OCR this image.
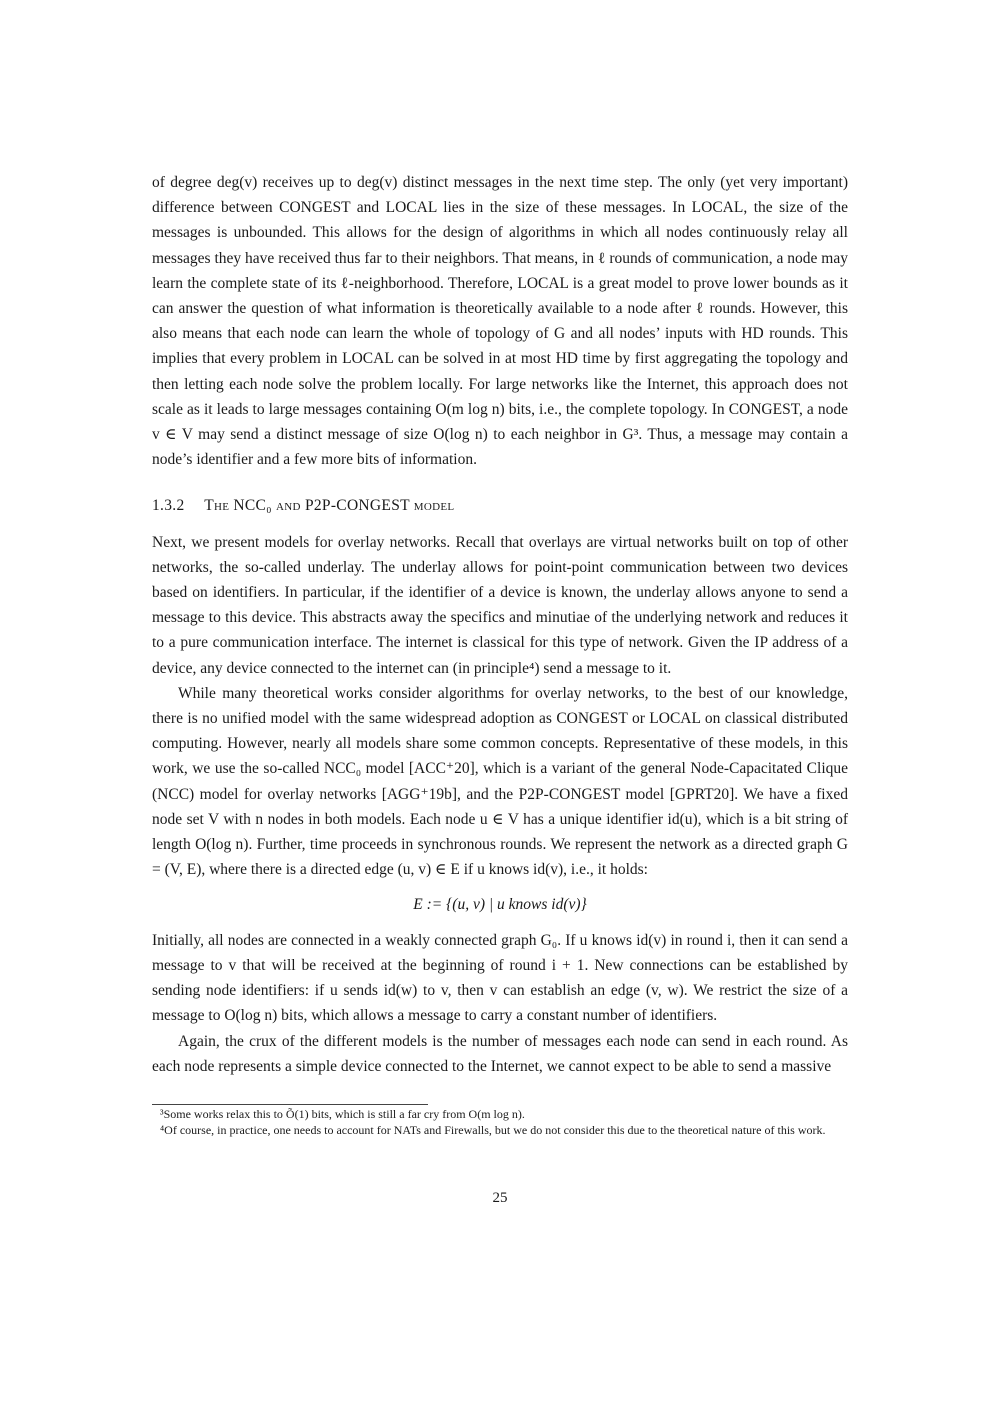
of degree deg(v) receives up to deg(v) distinct messages in the next time step. The only (yet very important) difference between CONGEST and LOCAL lies in the size of these messages. In LOCAL, the size of the messages is unbounded. This allows for the design of algorithms in which all nodes continuously relay all messages they have received thus far to their neighbors. That means, in ℓ rounds of communication, a node may learn the complete state of its ℓ-neighborhood. Therefore, LOCAL is a great model to prove lower bounds as it can answer the question of what information is theoretically available to a node after ℓ rounds. However, this also means that each node can learn the whole of topology of G and all nodes’ inputs with HD rounds. This implies that every problem in LOCAL can be solved in at most HD time by first aggregating the topology and then letting each node solve the problem locally. For large networks like the Internet, this approach does not scale as it leads to large messages containing O(m log n) bits, i.e., the complete topology. In CONGEST, a node v ∈ V may send a distinct message of size O(log n) to each neighbor in G³. Thus, a message may contain a node’s identifier and a few more bits of information.

1.3.2 The NCC₀ and P2P-CONGEST model

Next, we present models for overlay networks. Recall that overlays are virtual networks built on top of other networks, the so-called underlay. The underlay allows for point-point communication between two devices based on identifiers. In particular, if the identifier of a device is known, the underlay allows anyone to send a message to this device. This abstracts away the specifics and minutiae of the underlying network and reduces it to a pure communication interface. The internet is classical for this type of network. Given the IP address of a device, any device connected to the internet can (in principle⁴) send a message to it.

While many theoretical works consider algorithms for overlay networks, to the best of our knowledge, there is no unified model with the same widespread adoption as CONGEST or LOCAL on classical distributed computing. However, nearly all models share some common concepts. Representative of these models, in this work, we use the so-called NCC₀ model [ACC⁺20], which is a variant of the general Node-Capacitated Clique (NCC) model for overlay networks [AGG⁺19b], and the P2P-CONGEST model [GPRT20]. We have a fixed node set V with n nodes in both models. Each node u ∈ V has a unique identifier id(u), which is a bit string of length O(log n). Further, time proceeds in synchronous rounds. We represent the network as a directed graph G = (V, E), where there is a directed edge (u, v) ∈ E if u knows id(v), i.e., it holds:

E := {(u, v) | u knows id(v)}

Initially, all nodes are connected in a weakly connected graph G₀. If u knows id(v) in round i, then it can send a message to v that will be received at the beginning of round i + 1. New connections can be established by sending node identifiers: if u sends id(w) to v, then v can establish an edge (v, w). We restrict the size of a message to O(log n) bits, which allows a message to carry a constant number of identifiers.

Again, the crux of the different models is the number of messages each node can send in each round. As each node represents a simple device connected to the Internet, we cannot expect to be able to send a massive

³Some works relax this to Õ(1) bits, which is still a far cry from O(m log n).

⁴Of course, in practice, one needs to account for NATs and Firewalls, but we do not consider this due to the theoretical nature of this work.

25
